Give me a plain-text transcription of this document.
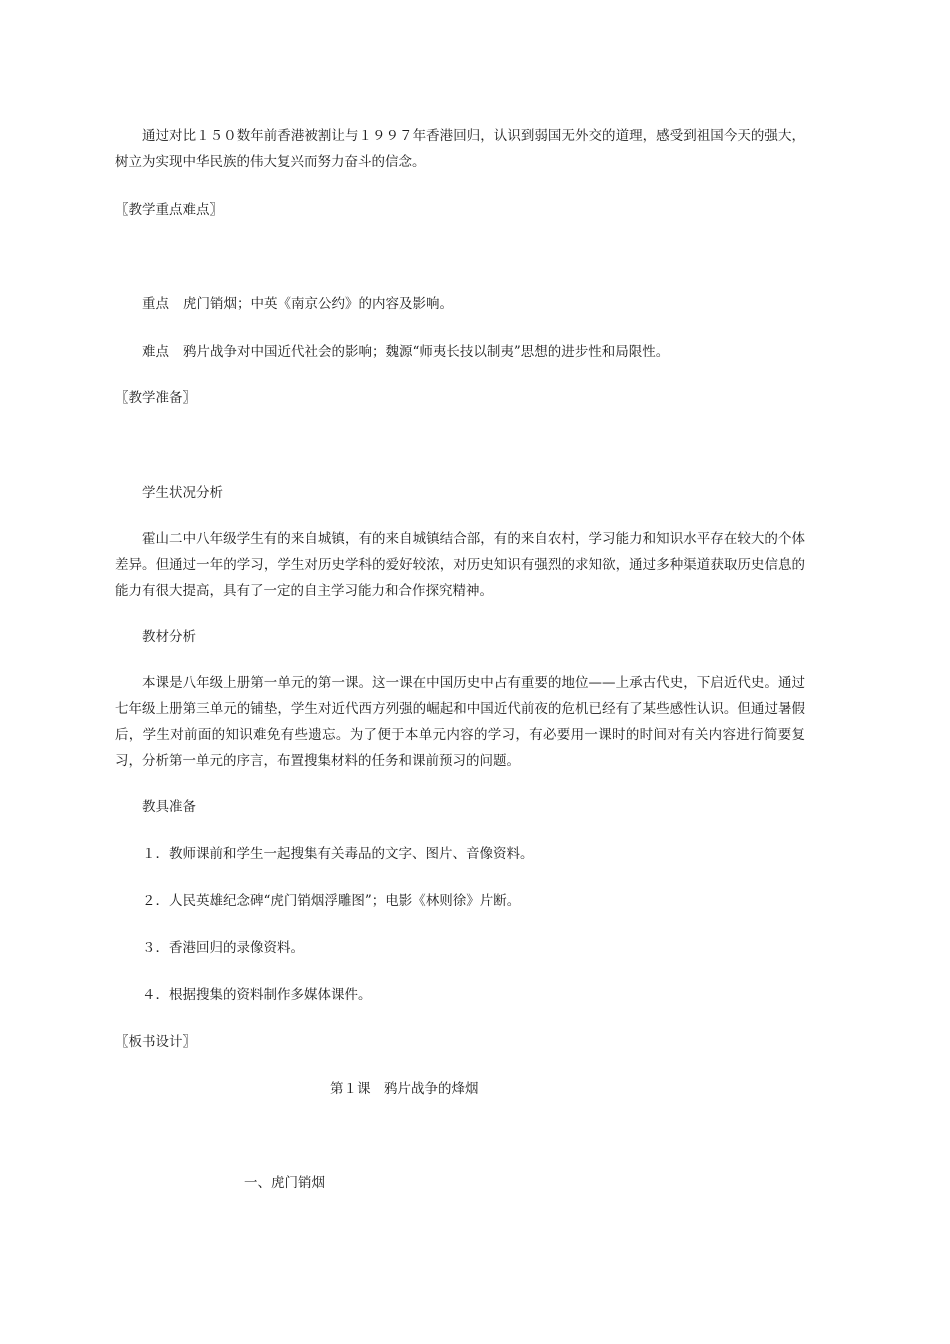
通过对比１５０数年前香港被割让与１９９７年香港回归，认识到弱国无外交的道理，感受到祖国今天的强大，树立为实现中华民族的伟大复兴而努力奋斗的信念。

〖教学重点难点〗

重点 虎门销烟；中英《南京公约》的内容及影响。

难点 鸦片战争对中国近代社会的影响；魏源“师夷长技以制夷”思想的进步性和局限性。

〖教学准备〗

学生状况分析

霍山二中八年级学生有的来自城镇，有的来自城镇结合部，有的来自农村，学习能力和知识水平存在较大的个体差异。但通过一年的学习，学生对历史学科的爱好较浓，对历史知识有强烈的求知欲，通过多种渠道获取历史信息的能力有很大提高，具有了一定的自主学习能力和合作探究精神。

教材分析

本课是八年级上册第一单元的第一课。这一课在中国历史中占有重要的地位——上承古代史，下启近代史。通过七年级上册第三单元的铺垫，学生对近代西方列强的崛起和中国近代前夜的危机已经有了某些感性认识。但通过暑假后，学生对前面的知识难免有些遗忘。为了便于本单元内容的学习，有必要用一课时的时间对有关内容进行简要复习，分析第一单元的序言，布置搜集材料的任务和课前预习的问题。

教具准备

１．教师课前和学生一起搜集有关毒品的文字、图片、音像资料。

２．人民英雄纪念碑“虎门销烟浮雕图”；电影《林则徐》片断。

３．香港回归的录像资料。

４．根据搜集的资料制作多媒体课件。

〖板书设计〗

第１课　鸦片战争的烽烟

一、虎门销烟
